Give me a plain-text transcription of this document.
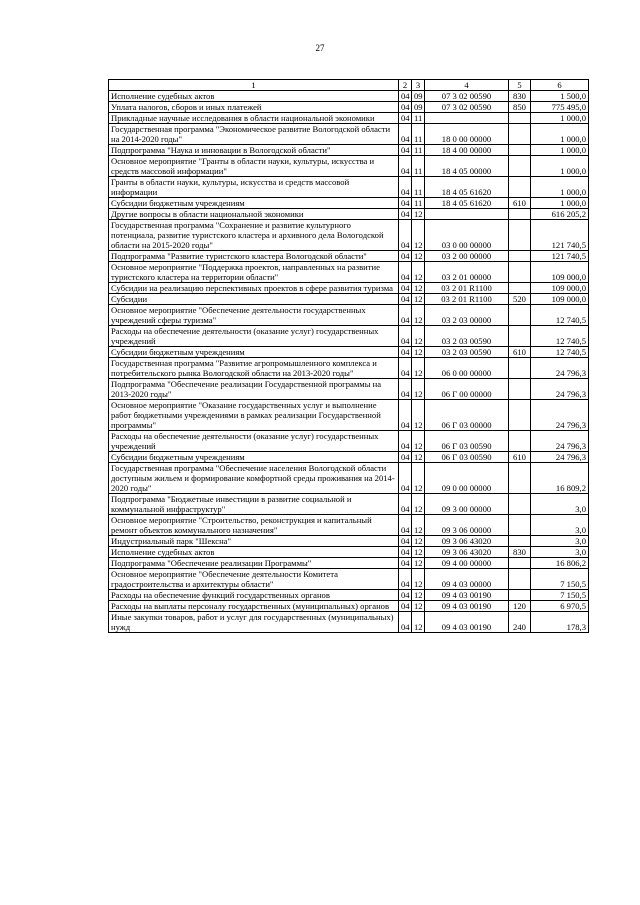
27
1	2	3	4	5	6
Исполнение судебных актов	04	09	07 3 02 00590	830	1 500,0
Уплата налогов, сборов и иных платежей	04	09	07 3 02 00590	850	775 495,0
Прикладные научные исследования в области национальной экономики	04	11			1 000,0
Государственная программа "Экономическое развитие Вологодской области на 2014-2020 годы"	04	11	18 0 00 00000		1 000,0
Подпрограмма "Наука и инновации в Вологодской области"	04	11	18 4 00 00000		1 000,0
Основное мероприятие "Гранты в области науки, культуры, искусства и средств массовой информации"	04	11	18 4 05 00000		1 000,0
Гранты в области науки, культуры, искусства и средств массовой информации	04	11	18 4 05 61620		1 000,0
Субсидии бюджетным учреждениям	04	11	18 4 05 61620	610	1 000,0
Другие вопросы в области национальной экономики	04	12			616 205,2
Государственная программа "Сохранение и развитие культурного потенциала, развитие туристского кластера и архивного дела Вологодской области на 2015-2020 годы"	04	12	03 0 00 00000		121 740,5
Подпрограмма "Развитие туристского кластера Вологодской области"	04	12	03 2 00 00000		121 740,5
Основное мероприятие "Поддержка проектов, направленных на развитие туристского кластера на территории области"	04	12	03 2 01 00000		109 000,0
Субсидии на реализацию перспективных проектов в сфере развития туризма	04	12	03 2 01 R1100		109 000,0
Субсидии	04	12	03 2 01 R1100	520	109 000,0
Основное мероприятие "Обеспечение деятельности государственных учреждений сферы туризма"	04	12	03 2 03 00000		12 740,5
Расходы на обеспечение деятельности (оказание услуг) государственных учреждений	04	12	03 2 03 00590		12 740,5
Субсидии бюджетным учреждениям	04	12	03 2 03 00590	610	12 740,5
Государственная программа "Развитие агропромышленного комплекса и потребительского рынка Вологодской области на 2013-2020 годы"	04	12	06 0 00 00000		24 796,3
Подпрограмма "Обеспечение реализации Государственной программы на 2013-2020 годы"	04	12	06 Г 00 00000		24 796,3
Основное мероприятие "Оказание государственных услуг и выполнение работ бюджетными учреждениями в рамках реализации Государственной программы"	04	12	06 Г 03 00000		24 796,3
Расходы на обеспечение деятельности (оказание услуг) государственных учреждений	04	12	06 Г 03 00590		24 796,3
Субсидии бюджетным учреждениям	04	12	06 Г 03 00590	610	24 796,3
Государственная программа "Обеспечение населения Вологодской области доступным жильем и формирование комфортной среды проживания на 2014-2020 годы"	04	12	09 0 00 00000		16 809,2
Подпрограмма "Бюджетные инвестиции в развитие социальной и коммунальной инфраструктур"	04	12	09 3 00 00000		3,0
Основное мероприятие "Строительство, реконструкция и капитальный ремонт объектов коммунального назначения"	04	12	09 3 06 00000		3,0
Индустриальный парк "Шексна"	04	12	09 3 06 43020		3,0
Исполнение судебных актов	04	12	09 3 06 43020	830	3,0
Подпрограмма "Обеспечение реализации Программы"	04	12	09 4 00 00000		16 806,2
Основное мероприятие "Обеспечение деятельности Комитета градостроительства и архитектуры области"	04	12	09 4 03 00000		7 150,5
Расходы на обеспечение функций государственных органов	04	12	09 4 03 00190		7 150,5
Расходы на выплаты персоналу государственных (муниципальных) органов	04	12	09 4 03 00190	120	6 970,5
Иные закупки товаров, работ и услуг для государственных (муниципальных) нужд	04	12	09 4 03 00190	240	178,3
